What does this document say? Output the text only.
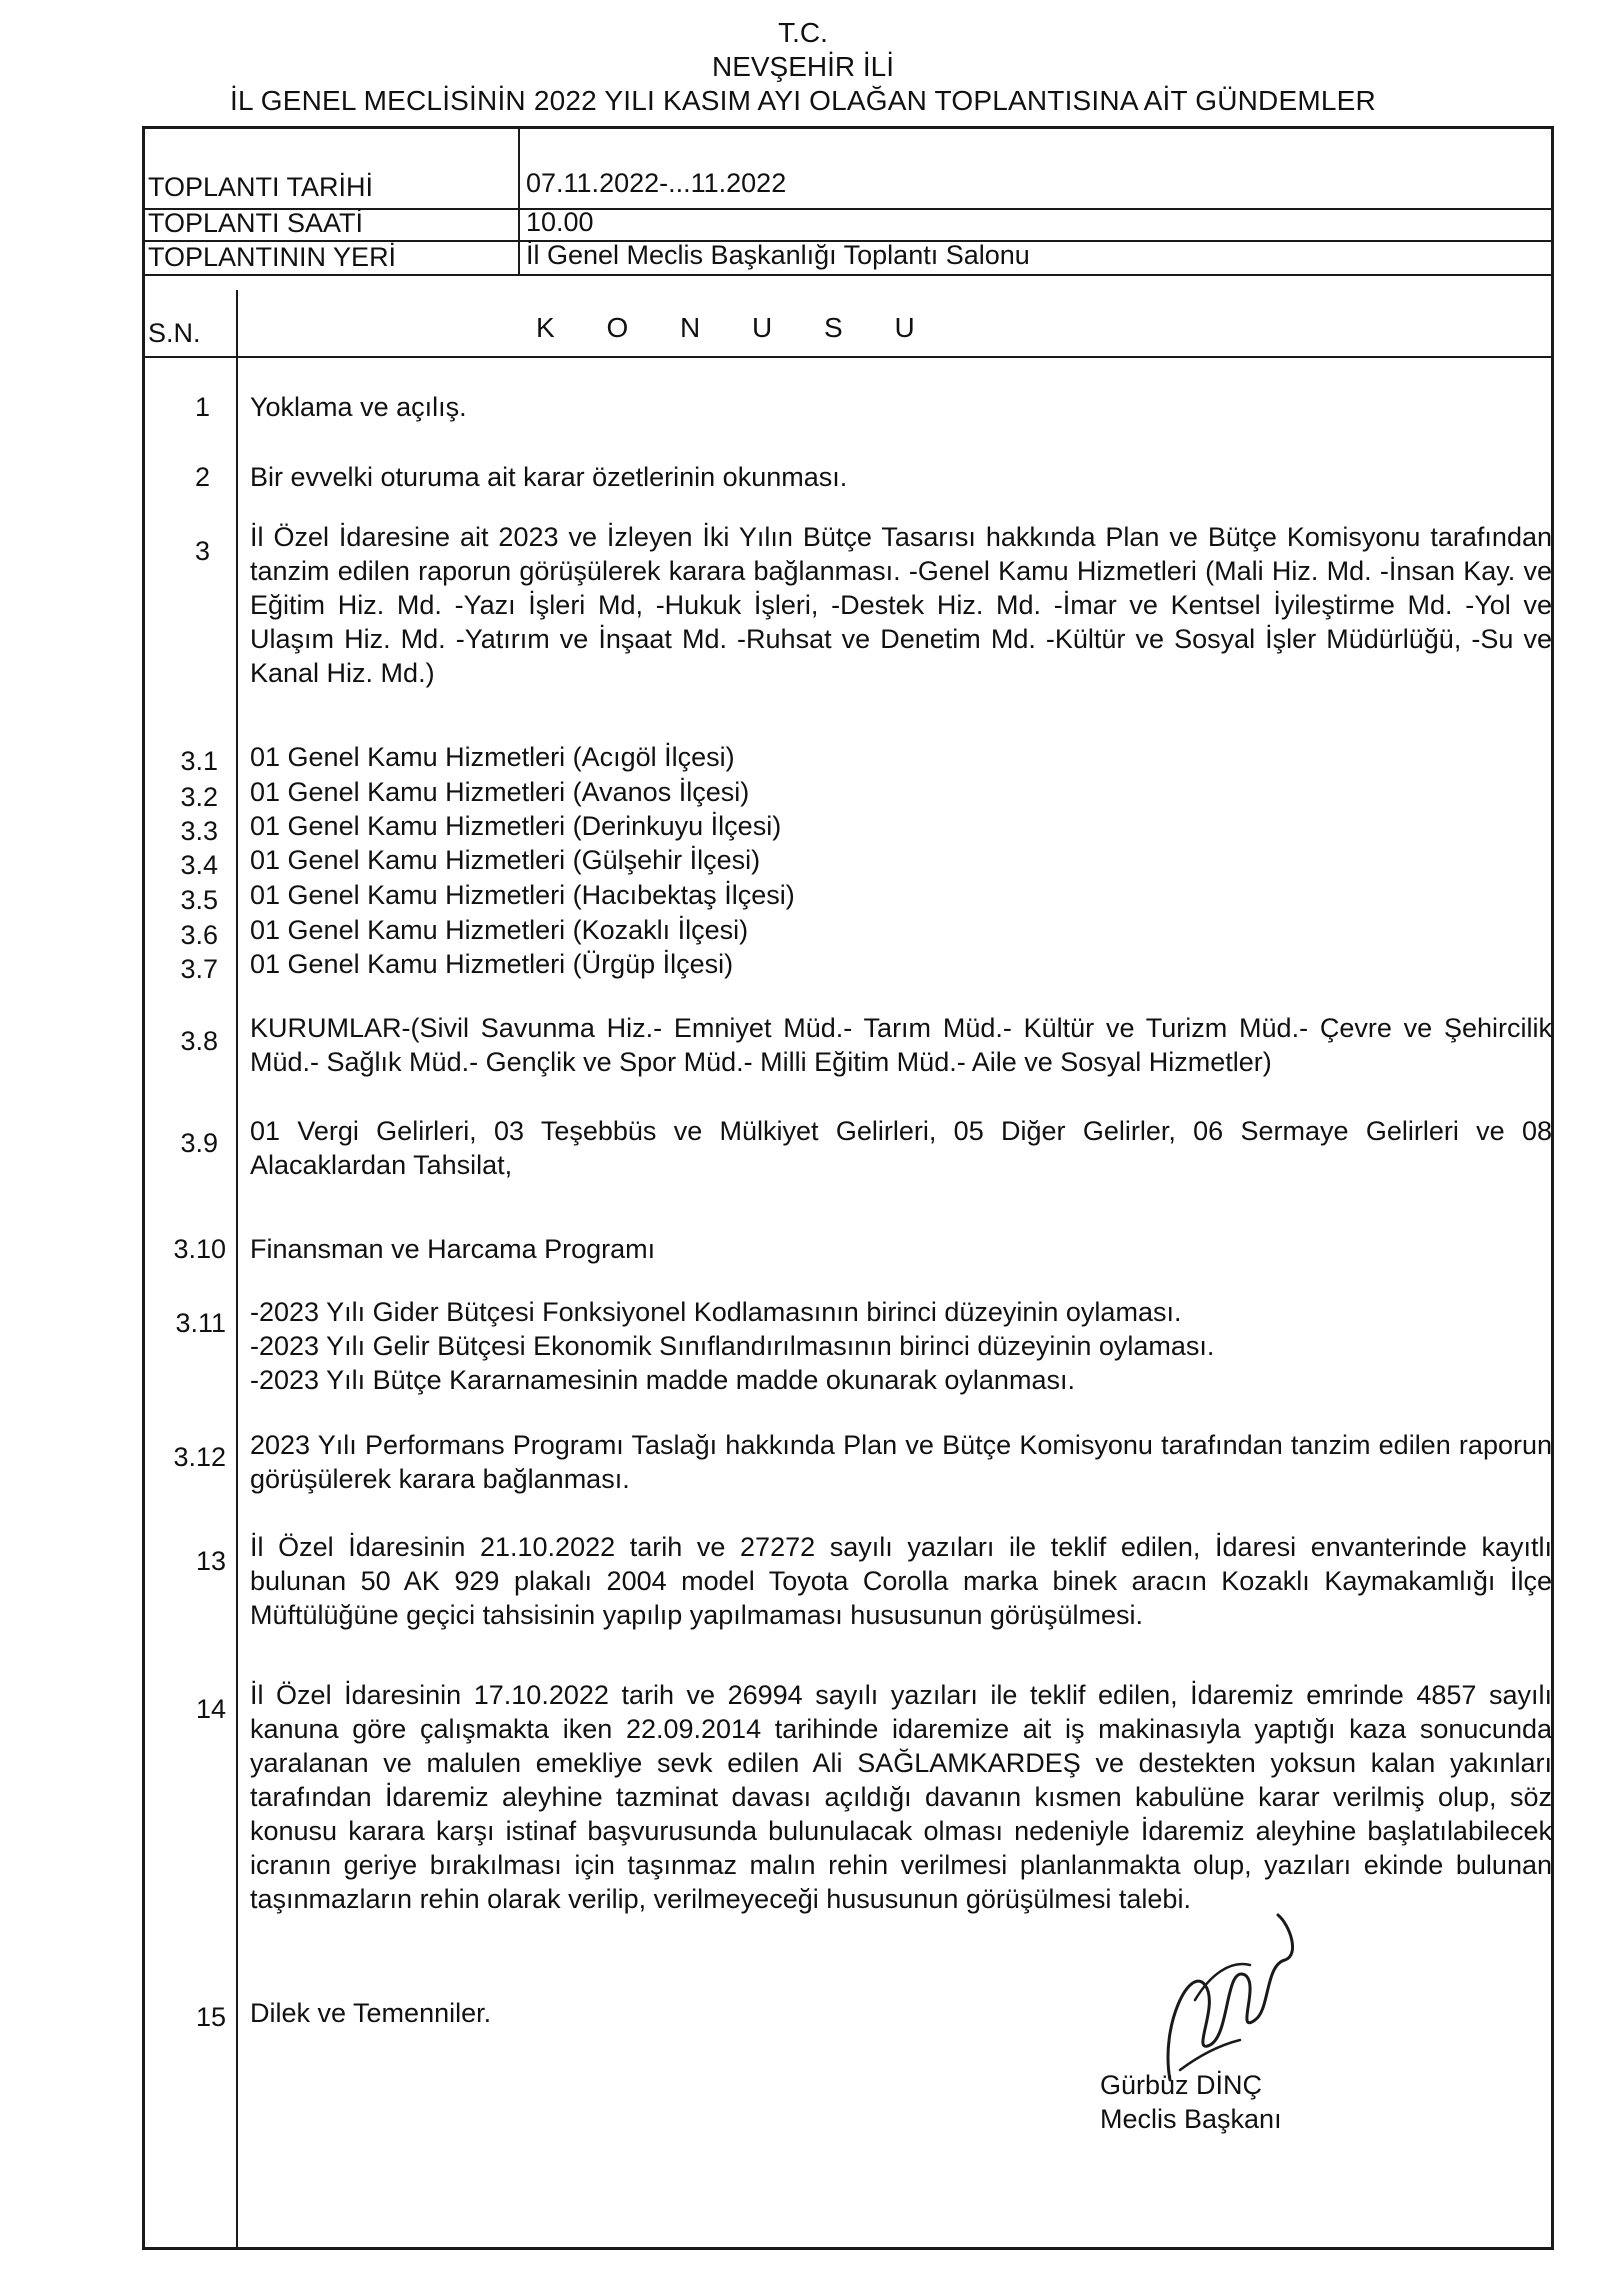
T.C.
NEVŞEHİR İLİ
İL GENEL MECLİSİNİN 2022 YILI KASIM AYI OLAĞAN TOPLANTISINA AİT GÜNDEMLER
TOPLANTI TARİHİ	07.11.2022-...11.2022
TOPLANTI SAATİ	10.00
TOPLANTININ YERİ	İl Genel Meclis Başkanlığı Toplantı Salonu
S.N.	K O N U S U
1 Yoklama ve açılış.
2 Bir evvelki oturuma ait karar özetlerinin okunması.
3 İl Özel İdaresine ait 2023 ve İzleyen İki Yılın Bütçe Tasarısı hakkında Plan ve Bütçe Komisyonu tarafından tanzim edilen raporun görüşülerek karara bağlanması. -Genel Kamu Hizmetleri (Mali Hiz. Md. -İnsan Kay. ve Eğitim Hiz. Md. -Yazı İşleri Md, -Hukuk İşleri, -Destek Hiz. Md. -İmar ve Kentsel İyileştirme Md. -Yol ve Ulaşım Hiz. Md. -Yatırım ve İnşaat Md. -Ruhsat ve Denetim Md. -Kültür ve Sosyal İşler Müdürlüğü, -Su ve Kanal Hiz. Md.)
3.1 01 Genel Kamu Hizmetleri (Acıgöl İlçesi)
3.2 01 Genel Kamu Hizmetleri (Avanos İlçesi)
3.3 01 Genel Kamu Hizmetleri (Derinkuyu İlçesi)
3.4 01 Genel Kamu Hizmetleri (Gülşehir İlçesi)
3.5 01 Genel Kamu Hizmetleri (Hacıbektaş İlçesi)
3.6 01 Genel Kamu Hizmetleri (Kozaklı İlçesi)
3.7 01 Genel Kamu Hizmetleri (Ürgüp İlçesi)
3.8 KURUMLAR-(Sivil Savunma Hiz.- Emniyet Müd.- Tarım Müd.- Kültür ve Turizm Müd.- Çevre ve Şehircilik Müd.- Sağlık Müd.- Gençlik ve Spor Müd.- Milli Eğitim Müd.- Aile ve Sosyal Hizmetler)
3.9 01 Vergi Gelirleri, 03 Teşebbüs ve Mülkiyet Gelirleri, 05 Diğer Gelirler, 06 Sermaye Gelirleri ve 08 Alacaklardan Tahsilat,
3.10 Finansman ve Harcama Programı
3.11 -2023 Yılı Gider Bütçesi Fonksiyonel Kodlamasının birinci düzeyinin oylaması.
-2023 Yılı Gelir Bütçesi Ekonomik Sınıflandırılmasının birinci düzeyinin oylaması.
-2023 Yılı Bütçe Kararnamesinin madde madde okunarak oylanması.
3.12 2023 Yılı Performans Programı Taslağı hakkında Plan ve Bütçe Komisyonu tarafından tanzim edilen raporun görüşülerek karara bağlanması.
13 İl Özel İdaresinin 21.10.2022 tarih ve 27272 sayılı yazıları ile teklif edilen, İdaresi envanterinde kayıtlı bulunan 50 AK 929 plakalı 2004 model Toyota Corolla marka binek aracın Kozaklı Kaymakamlığı İlçe Müftülüğüne geçici tahsisinin yapılıp yapılmaması hususunun görüşülmesi.
14 İl Özel İdaresinin 17.10.2022 tarih ve 26994 sayılı yazıları ile teklif edilen, İdaremiz emrinde 4857 sayılı kanuna göre çalışmakta iken 22.09.2014 tarihinde idaremize ait iş makinasıyla yaptığı kaza sonucunda yaralanan ve malulen emekliye sevk edilen Ali SAĞLAMKARDEŞ ve destekten yoksun kalan yakınları tarafından İdaremiz aleyhine tazminat davası açıldığı davanın kısmen kabulüne karar verilmiş olup, söz konusu karara karşı istinaf başvurusunda bulunulacak olması nedeniyle İdaremiz aleyhine başlatılabilecek icranın geriye bırakılması için taşınmaz malın rehin verilmesi planlanmakta olup, yazıları ekinde bulunan taşınmazların rehin olarak verilip, verilmeyeceği hususunun görüşülmesi talebi.
15 Dilek ve Temenniler.
Gürbüz DİNÇ
Meclis Başkanı
